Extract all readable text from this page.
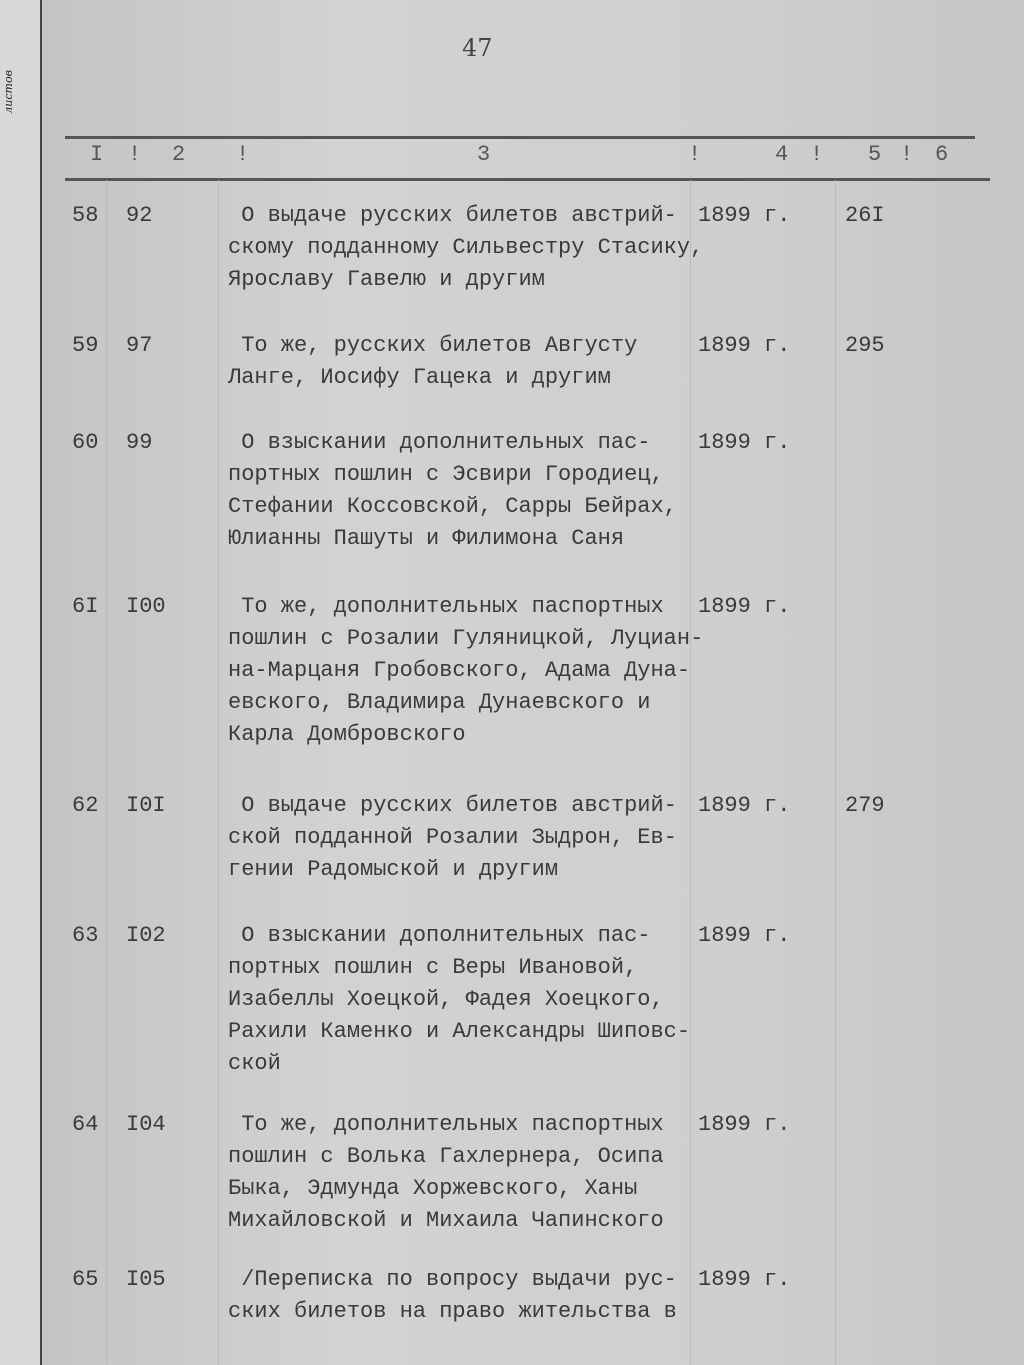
листов
47
I ! 2 !	3	!	4 ! 5 ! 6
58 92	О выдаче русских билетов австрий-
скому подданному Сильвестру Стасику,
Ярославу Гавелю и другим
1899 г. 26I
59 97	То же, русских билетов Августу
Ланге, Иосифу Гацека и другим
1899 г. 295
60 99	О взыскании дополнительных пас-
портных пошлин с Эсвири Городиец,
Стефании Коссовской, Сарры Бейрах,
Юлианны Пашуты и Филимона Саня
1899 г.
6I I00	То же, дополнительных паспортных
пошлин с Розалии Гуляницкой, Луциан-
на-Марцаня Гробовского, Адама Дуна-
евского, Владимира Дунаевского и
Карла Домбровского
1899 г.
62 I0I	О выдаче русских билетов австрий-
ской подданной Розалии Зыдрон, Ев-
гении Радомыской и другим
1899 г. 279
63 I02	О взыскании дополнительных пас-
портных пошлин с Веры Ивановой,
Изабеллы Хоецкой, Фадея Хоецкого,
Рахили Каменко и Александры Шиповс-
ской
1899 г.
64 I04	То же, дополнительных паспортных
пошлин с Волька Гахлернера, Осипа
Быка, Эдмунда Хоржевского, Ханы
Михайловской и Михаила Чапинского
1899 г.
65 I05	/Переписка по вопросу выдачи рус-
ских билетов на право жительства в
1899 г.
